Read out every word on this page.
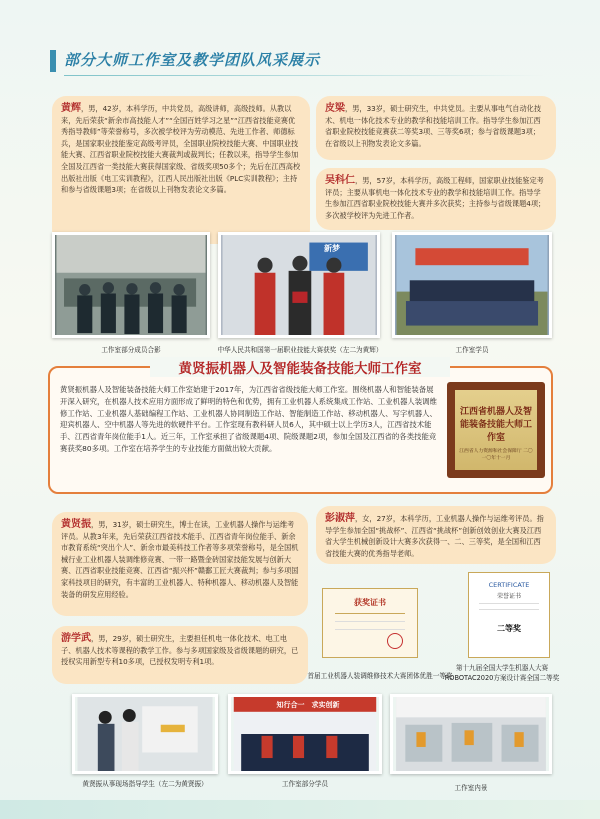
部分大师工作室及教学团队风采展示
黄辉，男，42岁，本科学历，中共党员，高级讲师，高级技师。从教以来，先后荣获“新余市高技能人才”“全国百姓学习之星”“江西省技能竞赛优秀指导教师”等荣誉称号，多次被学校评为劳动模范、先进工作者、师德标兵，是国家职业技能鉴定高级考评员，全国职业院校技能大赛、中国职业技能大赛、江西省职业院校技能大赛裁判或裁判长；任教以来，指导学生参加全国及江西省一类技能大赛获得国家级、省级奖项50多个；先后在江西高校出版社出版《电工实训教程》，江西人民出版社出版《PLC实训教程》；主持和参与省级课题3项；在省级以上刊物发表论文多篇。
皮梁，男，33岁，硕士研究生，中共党员。主要从事电气自动化技术、机电一体化技术专业的教学和技能培训工作。指导学生参加江西省职业院校技能竞赛获二等奖3项、三等奖6项；参与省级课题3项；在省级以上刊物发表论文多篇。
吴科仁，男，57岁，本科学历，高级工程师，国家职业技能鉴定考评员；主要从事机电一体化技术专业的教学和技能培训工作。指导学生参加江西省职业院校技能大赛并多次获奖；主持参与省级课题4项；多次被学校评为先进工作者。
工作室部分成员合影
新梦
中华人民共和国第一届职业技能大赛获奖（左二为黄辉）	工作室学员
黄贤振机器人及智能装备技能大师工作室
黄贤振机器人及智能装备技能大师工作室始建于2017年，为江西省省级技能大师工作室。围绕机器人和智能装备展开深入研究，在机器人技术应用方面形成了鲜明的特色和优势，拥有工业机器人系统集成工作站、工业机器人装调维修工作站、工业机器人基础编程工作站、工业机器人协同制造工作站、智能制造工作站、移动机器人、写字机器人、迎宾机器人、空中机器人等先进的软硬件平台。工作室现有教科研人员6人，其中硕士以上学历3人，江西省技术能手、江西省青年岗位能手1人。近三年，工作室承担了省级课题4项、院级课题2项，参加全国及江西省的各类技能竞赛获奖80多项。工作室在培养学生的专业技能方面做出较大贡献。
江西省机器人及智能装备技能大师工作室
江西省人力资源和社会保障厅 二〇一〇年十一月
黄贤振，男，31岁，硕士研究生，博士在读，工业机器人操作与运维考评员。从教3年来，先后荣获江西省技术能手、江西省青年岗位能手、新余市教育系统“突出个人”、新余市最美科技工作者等多项荣誉称号，是全国机械行业工业机器人装调维修竞赛、一带一路暨金砖国家技能发展与创新大赛、江西省职业技能竞赛、江西省“振兴杯”赣鄱工匠大赛裁判；参与多项国家科技项目的研究，有丰富的工业机器人、特种机器人、移动机器人及智能装备的研发应用经验。
彭淑萍，女，27岁，本科学历，工业机器人操作与运维考评员。指导学生参加全国“挑战杯”、江西省“挑战杯”创新创效创业大赛及江西省大学生机械创新设计大赛多次获得一、二、三等奖，是全国和江西省技能大赛的优秀指导老师。
游学武，男，29岁，硕士研究生，主要担任机电一体化技术、电工电子、机器人技术等课程的教学工作。参与多项国家级及省级课题的研究，已授权实用新型专利10多项，已授权发明专利1项。
获奖证书
首届工业机器人装调维修技术大赛团体优胜一等奖
CERTIFICATE
荣誉证书
二等奖
第十九届全国大学生机器人大赛ROBOTAC2020方案设计赛全国二等奖
黄贤振从事现场指导学生（左二为黄贤振）
知行合一　求实创新
工作室部分学员	工作室内景
